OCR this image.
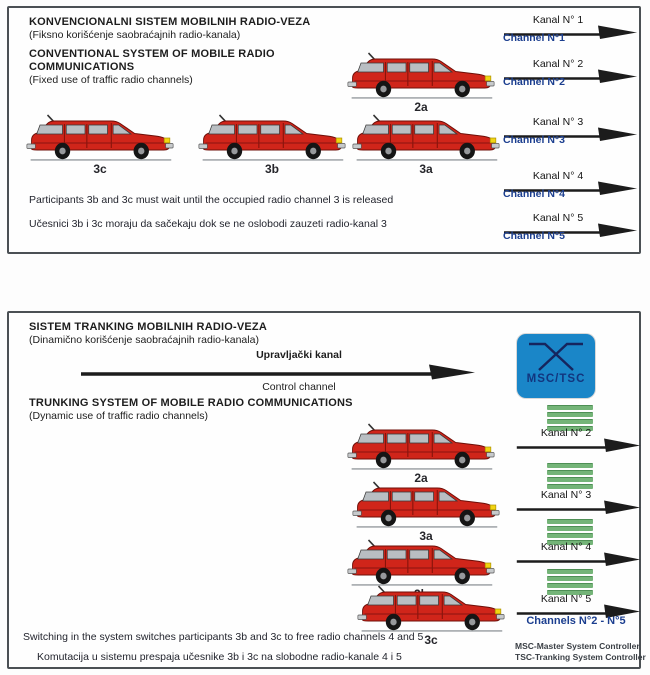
KONVENCIONALNI SISTEM MOBILNIH RADIO-VEZA
(Fiksno korišćenje saobraćajnih radio-kanala)
CONVENTIONAL SYSTEM OF MOBILE RADIO
COMMUNICATIONS
(Fixed use of traffic radio channels)
2a
3c	3b	3a
Kanal N° 1
Channel N°1
Kanal N° 2
Channel N°2
Kanal N° 3
Channel N°3
Kanal N° 4
Channel N°4
Kanal N° 5
Channel N°5
Participants 3b and 3c must wait until the occupied radio channel 3 is released
Učesnici 3b i 3c moraju da sačekaju dok se ne oslobodi zauzeti radio-kanal 3
SISTEM TRANKING MOBILNIH RADIO-VEZA
(Dinamično korišćenje saobraćajnih radio-kanala)
Upravljački kanal
Control channel
TRUNKING SYSTEM OF MOBILE RADIO COMMUNICATIONS
(Dynamic use of traffic radio channels)
MSC/TSC
Kanal N° 2
Kanal N° 3
Kanal N° 4
Kanal N° 5
Channels N°2 - N°5
MSC-Master System Controller
TSC-Tranking System Controller
2a
3a
3c
Switching in the system switches participants 3b and 3c to free radio channels 4 and 5
Komutacija u sistemu prespaja učesnike 3b i 3c na slobodne radio-kanale 4 i 5
